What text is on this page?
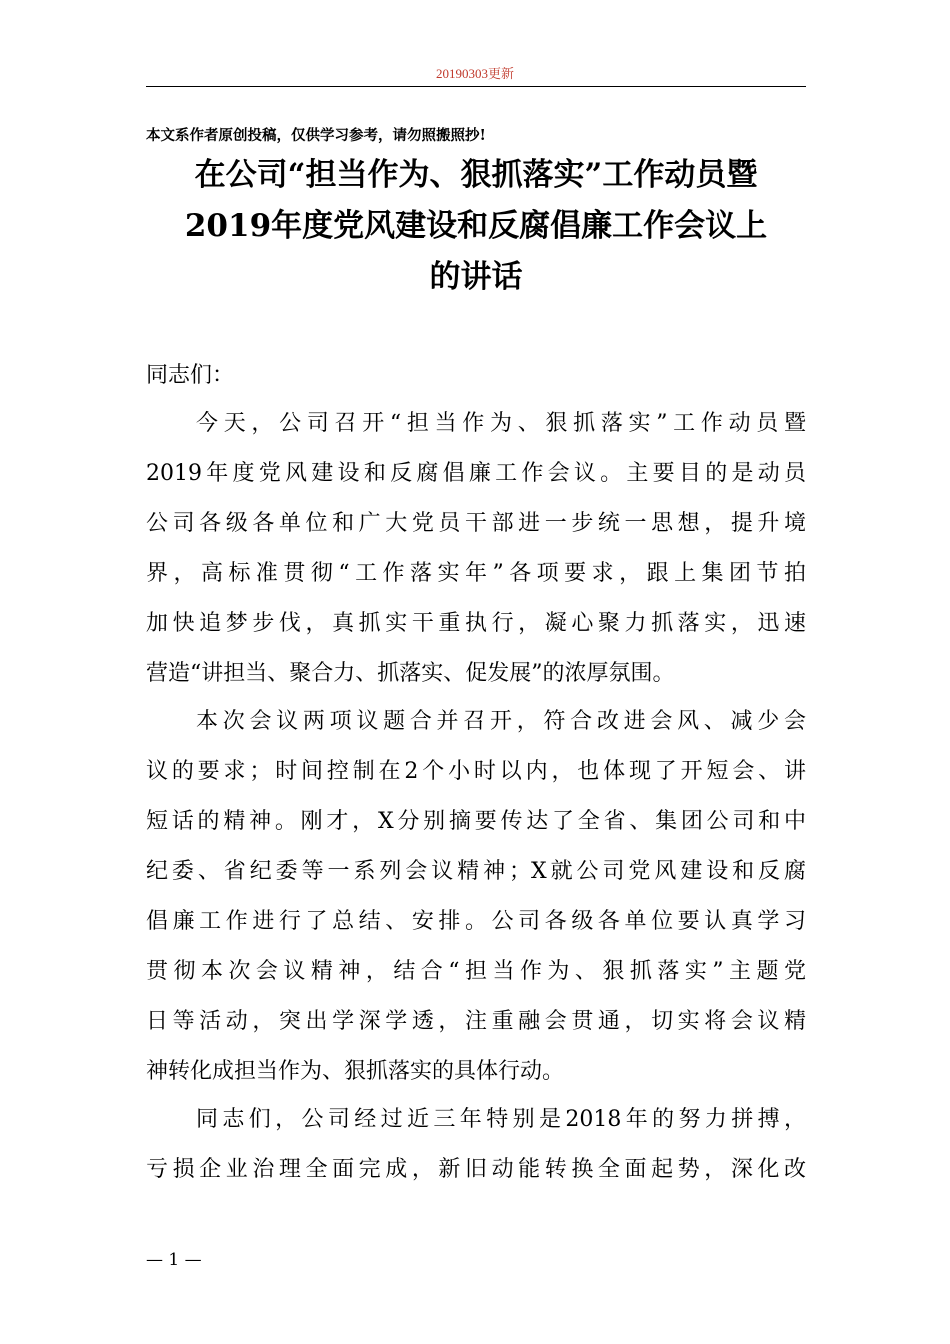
20190303更新
本文系作者原创投稿，仅供学习参考，请勿照搬照抄!
在公司“担当作为、狠抓落实”工作动员暨
2019年度党风建设和反腐倡廉工作会议上
的讲话
同志们：
今天，公司召开“担当作为、狠抓落实”工作动员暨
2019年度党风建设和反腐倡廉工作会议。主要目的是动员
公司各级各单位和广大党员干部进一步统一思想，提升境
界，高标准贯彻“工作落实年”各项要求，跟上集团节拍
加快追梦步伐，真抓实干重执行，凝心聚力抓落实，迅速
营造“讲担当、聚合力、抓落实、促发展”的浓厚氛围。
本次会议两项议题合并召开，符合改进会风、减少会
议的要求；时间控制在2个小时以内，也体现了开短会、讲
短话的精神。刚才，X分别摘要传达了全省、集团公司和中
纪委、省纪委等一系列会议精神；X就公司党风建设和反腐
倡廉工作进行了总结、安排。公司各级各单位要认真学习
贯彻本次会议精神，结合“担当作为、狠抓落实”主题党
日等活动，突出学深学透，注重融会贯通，切实将会议精
神转化成担当作为、狠抓落实的具体行动。
同志们，公司经过近三年特别是2018年的努力拼搏，
亏损企业治理全面完成，新旧动能转换全面起势，深化改
— 1 —
